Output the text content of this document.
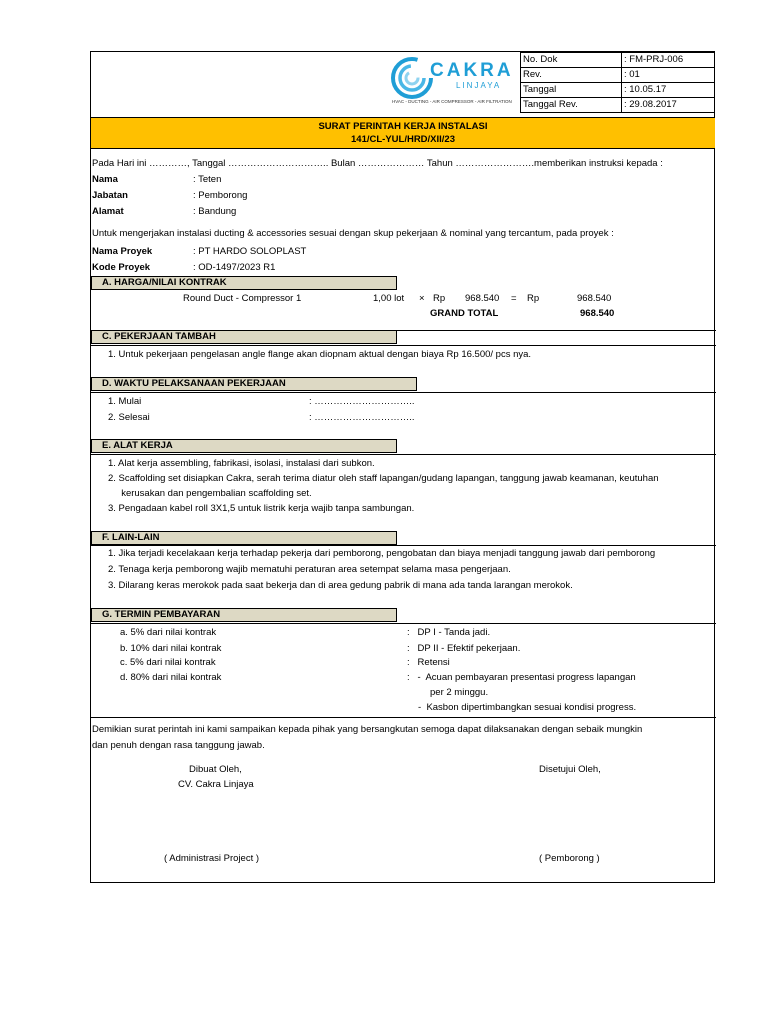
CAKRA
LINJAYA
HVAC - DUCTING - AIR COMPRESSOR - AIR FILTRATION
No. Dok	: FM-PRJ-006
Rev.	: 01
Tanggal	: 10.05.17
Tanggal Rev.	: 29.08.2017
SURAT PERINTAH KERJA INSTALASI
141/CL-YUL/HRD/XII/23
Pada Hari ini …………, Tanggal ………………………….. Bulan ………………… Tahun …………………….memberikan instruksi kepada :
Nama	: Teten
Jabatan	: Pemborong
Alamat	: Bandung
Untuk mengerjakan instalasi ducting & accessories sesuai dengan skup pekerjaan & nominal yang tercantum, pada proyek :
Nama Proyek	: PT HARDO SOLOPLAST
Kode Proyek	: OD-1497/2023 R1
A. HARGA/NILAI KONTRAK
Round Duct - Compressor 1	1,00 lot × Rp 968.540 = Rp	968.540
GRAND TOTAL	968.540
C. PEKERJAAN TAMBAH
1. Untuk pekerjaan pengelasan angle flange akan diopnam aktual dengan biaya Rp 16.500/ pcs nya.
D. WAKTU PELAKSANAAN PEKERJAAN
1. Mulai	: …………………………..
2. Selesai	: …………………………..
E. ALAT KERJA
1. Alat kerja assembling, fabrikasi, isolasi, instalasi dari subkon.
2. Scaffolding set disiapkan Cakra, serah terima diatur oleh staff lapangan/gudang lapangan, tanggung jawab keamanan, keutuhan
kerusakan dan pengembalian scaffolding set.
3. Pengadaan kabel roll 3X1,5 untuk listrik kerja wajib tanpa sambungan.
F. LAIN-LAIN
1. Jika terjadi kecelakaan kerja terhadap pekerja dari pemborong, pengobatan dan biaya menjadi tanggung jawab dari pemborong
2. Tenaga kerja pemborong wajib mematuhi peraturan area setempat selama masa pengerjaan.
3. Dilarang keras merokok pada saat bekerja dan di area gedung pabrik di mana ada tanda larangan merokok.
G. TERMIN PEMBAYARAN
a. 5% dari nilai kontrak	:   DP I - Tanda jadi.
b. 10% dari nilai kontrak	:   DP II - Efektif pekerjaan.
c. 5% dari nilai kontrak	:   Retensi
d. 80% dari nilai kontrak	:   -  Acuan pembayaran presentasi progress lapangan
per 2 minggu.
-  Kasbon dipertimbangkan sesuai kondisi progress.
Demikian surat perintah ini kami sampaikan kepada pihak yang bersangkutan semoga dapat dilaksanakan dengan sebaik mungkin
dan penuh dengan rasa tanggung jawab.
Dibuat Oleh,
CV. Cakra Linjaya
Disetujui Oleh,
( Administrasi Project )	( Pemborong )
